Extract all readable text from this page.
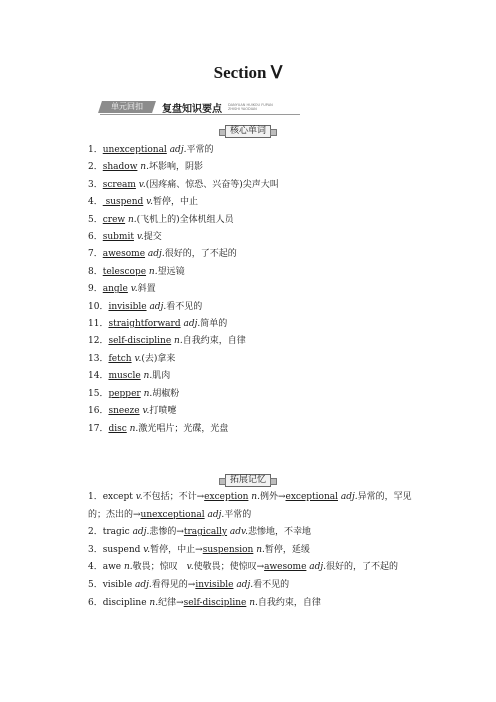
Section Ⅴ
单元回扣	复盘知识要点 DANYUAN HUIKOU FUPAN ZHISHI YAODIAN
核心单词
1．unexceptional adj.平常的
2．shadow n.坏影响，阴影
3．scream v.(因疼痛、惊恐、兴奋等)尖声大叫
4． suspend v.暂停，中止
5．crew n.(飞机上的)全体机组人员
6．submit v.提交
7．awesome adj.很好的，了不起的
8．telescope n.望远镜
9．angle v.斜置
10．invisible adj.看不见的
11．straightforward adj.简单的
12．self-discipline n.自我约束，自律
13．fetch v.(去)拿来
14．muscle n.肌肉
15．pepper n.胡椒粉
16．sneeze v.打喷嚏
17．disc n.激光唱片；光碟，光盘
拓展记忆
1．except v.不包括；不计→exception n.例外→exceptional adj.异常的，罕见的；杰出的→unexceptional adj.平常的
2．tragic adj.悲惨的→tragically adv.悲惨地，不幸地
3．suspend v.暂停，中止→suspension n.暂停，延缓
4．awe n.敬畏；惊叹　v.使敬畏；使惊叹→awesome adj.很好的，了不起的
5．visible adj.看得见的→invisible adj.看不见的
6．discipline n.纪律→self-discipline n.自我约束，自律
